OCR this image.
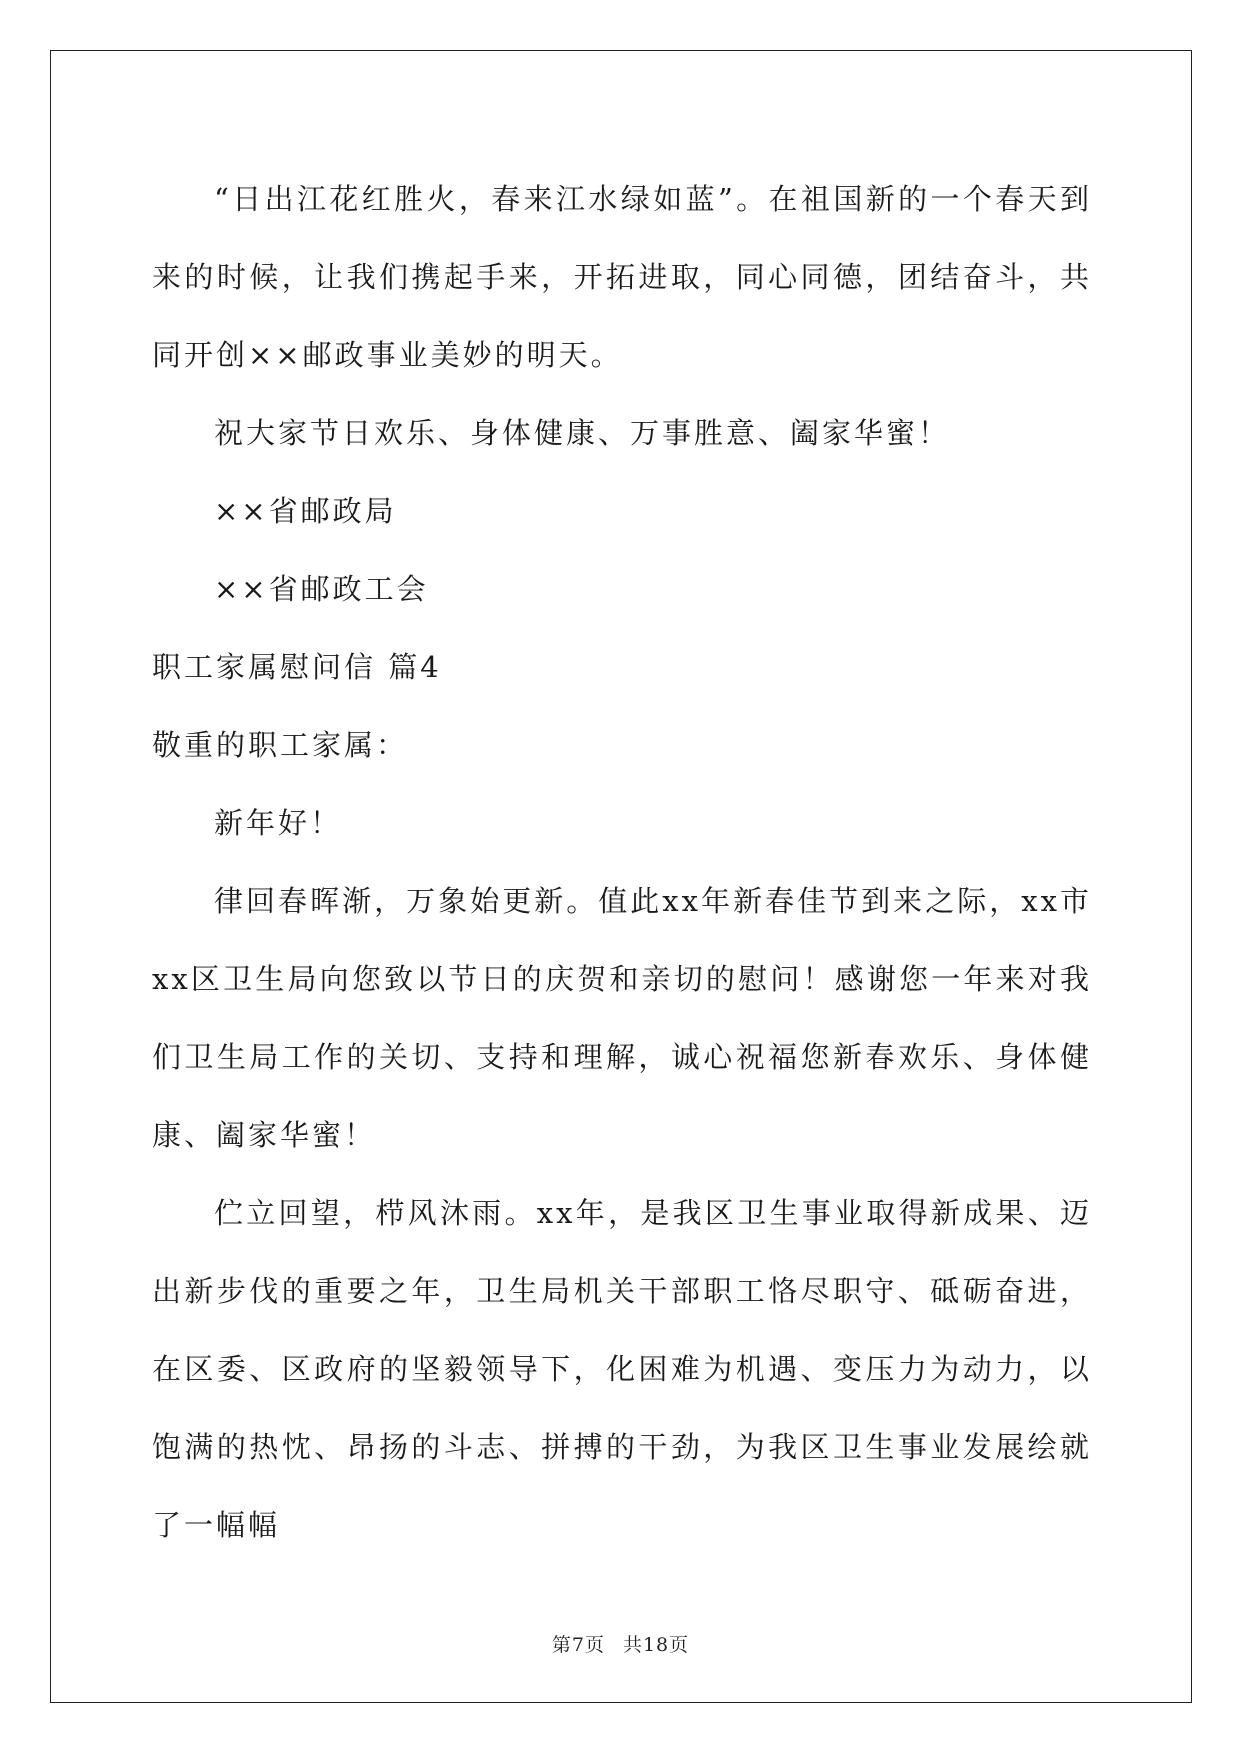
“日出江花红胜火，春来江水绿如蓝”。在祖国新的一个春天到来的时候，让我们携起手来，开拓进取，同心同德，团结奋斗，共同开创××邮政事业美妙的明天。

祝大家节日欢乐、身体健康、万事胜意、阖家华蜜！

××省邮政局

××省邮政工会

职工家属慰问信 篇4

敬重的职工家属：

新年好！

律回春晖渐，万象始更新。值此xx年新春佳节到来之际，xx市xx区卫生局向您致以节日的庆贺和亲切的慰问！感谢您一年来对我们卫生局工作的关切、支持和理解，诚心祝福您新春欢乐、身体健康、阖家华蜜！

伫立回望，栉风沐雨。xx年，是我区卫生事业取得新成果、迈出新步伐的重要之年，卫生局机关干部职工恪尽职守、砥砺奋进，在区委、区政府的坚毅领导下，化困难为机遇、变压力为动力，以饱满的热忱、昂扬的斗志、拼搏的干劲，为我区卫生事业发展绘就了一幅幅

第7页 共18页
